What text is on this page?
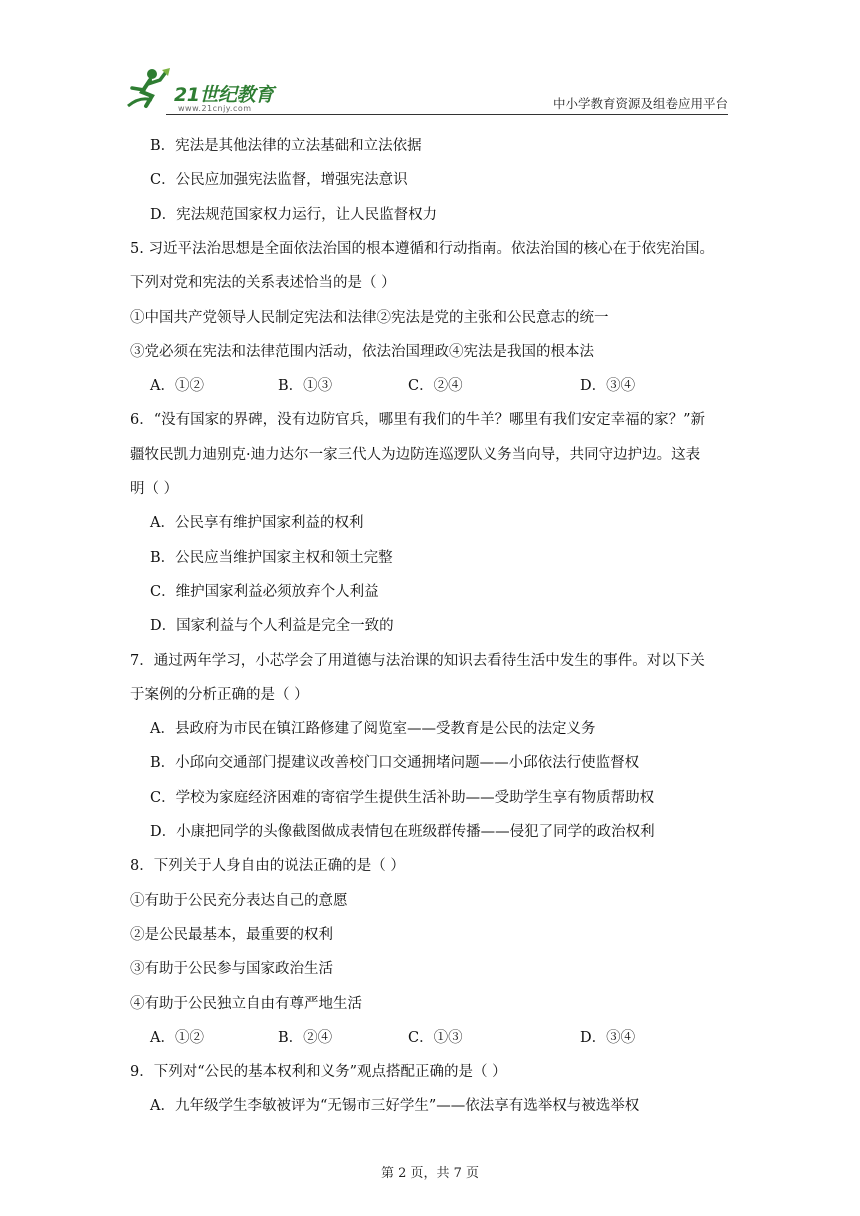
21世纪教育
www.21cnjy.com	中小学教育资源及组卷应用平台
B．宪法是其他法律的立法基础和立法依据
C．公民应加强宪法监督，增强宪法意识
D．宪法规范国家权力运行，让人民监督权力
5. 习近平法治思想是全面依法治国的根本遵循和行动指南。依法治国的核心在于依宪治国。
下列对党和宪法的关系表述恰当的是（ ）
①中国共产党领导人民制定宪法和法律②宪法是党的主张和公民意志的统一
③党必须在宪法和法律范围内活动，依法治国理政④宪法是我国的根本法
A．①②	B．①③	C．②④	D．③④
6．“没有国家的界碑，没有边防官兵，哪里有我们的牛羊？哪里有我们安定幸福的家？”新
疆牧民凯力迪别克·迪力达尔一家三代人为边防连巡逻队义务当向导，共同守边护边。这表
明（ ）
A．公民享有维护国家利益的权利
B．公民应当维护国家主权和领土完整
C．维护国家利益必须放弃个人利益
D．国家利益与个人利益是完全一致的
7．通过两年学习，小芯学会了用道德与法治课的知识去看待生活中发生的事件。对以下关
于案例的分析正确的是（ ）
A．县政府为市民在镇江路修建了阅览室——受教育是公民的法定义务
B．小邱向交通部门提建议改善校门口交通拥堵问题——小邱依法行使监督权
C．学校为家庭经济困难的寄宿学生提供生活补助——受助学生享有物质帮助权
D．小康把同学的头像截图做成表情包在班级群传播——侵犯了同学的政治权利
8．下列关于人身自由的说法正确的是（ ）
①有助于公民充分表达自己的意愿
②是公民最基本，最重要的权利
③有助于公民参与国家政治生活
④有助于公民独立自由有尊严地生活
A．①②	B．②④	C．①③	D．③④
9．下列对“公民的基本权利和义务”观点搭配正确的是（ ）
A．九年级学生李敏被评为“无锡市三好学生”——依法享有选举权与被选举权
第 2 页，共 7 页
